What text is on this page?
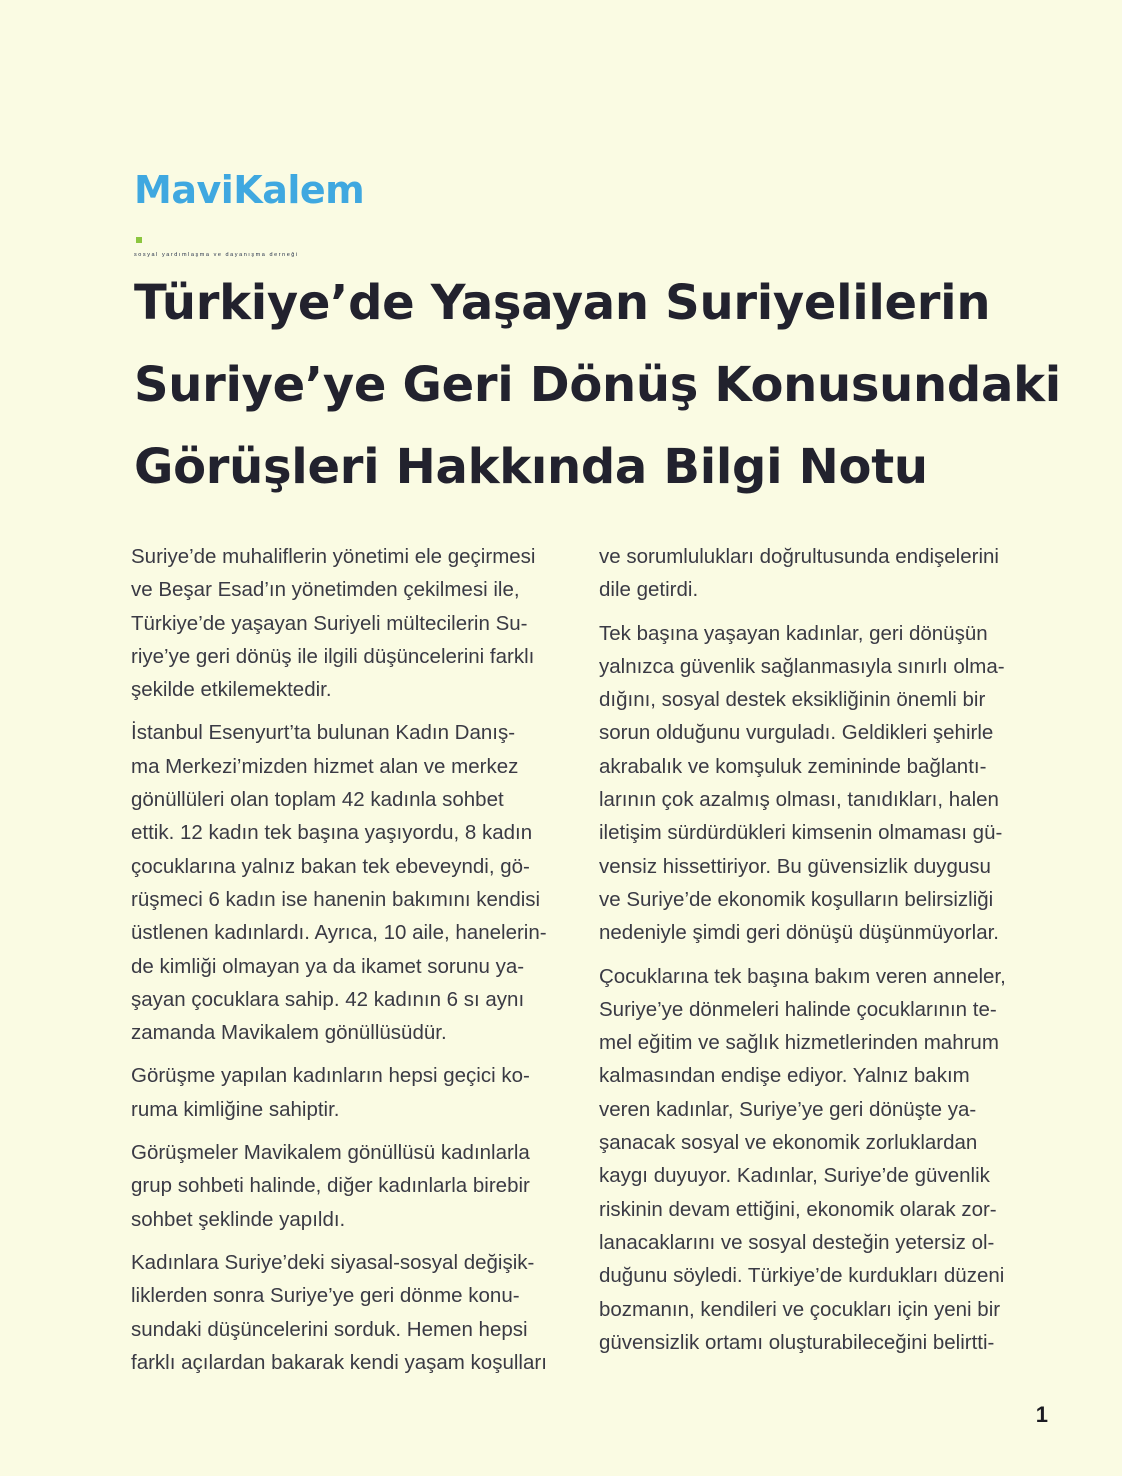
MaviKalem
sosyal yardımlaşma ve dayanışma derneği
Türkiye’de Yaşayan Suriyelilerin
Suriye’ye Geri Dönüş Konusundaki
Görüşleri Hakkında Bilgi Notu

Suriye’de muhaliflerin yönetimi ele geçirmesi
ve Beşar Esad’ın yönetimden çekilmesi ile,
Türkiye’de yaşayan Suriyeli mültecilerin Su-
riye’ye geri dönüş ile ilgili düşüncelerini farklı
şekilde etkilemektedir.

İstanbul Esenyurt’ta bulunan Kadın Danış-
ma Merkezi’mizden hizmet alan ve merkez
gönüllüleri olan toplam 42 kadınla sohbet
ettik. 12 kadın tek başına yaşıyordu, 8 kadın
çocuklarına yalnız bakan tek ebeveyndi, gö-
rüşmeci 6 kadın ise hanenin bakımını kendisi
üstlenen kadınlardı. Ayrıca, 10 aile, hanelerin-
de kimliği olmayan ya da ikamet sorunu ya-
şayan çocuklara sahip. 42 kadının 6 sı aynı
zamanda Mavikalem gönüllüsüdür.

Görüşme yapılan kadınların hepsi geçici ko-
ruma kimliğine sahiptir.

Görüşmeler Mavikalem gönüllüsü kadınlarla
grup sohbeti halinde, diğer kadınlarla birebir
sohbet şeklinde yapıldı.

Kadınlara Suriye’deki siyasal-sosyal değişik-
liklerden sonra Suriye’ye geri dönme konu-
sundaki düşüncelerini sorduk. Hemen hepsi
farklı açılardan bakarak kendi yaşam koşulları

ve sorumlulukları doğrultusunda endişelerini
dile getirdi.

Tek başına yaşayan kadınlar, geri dönüşün
yalnızca güvenlik sağlanmasıyla sınırlı olma-
dığını, sosyal destek eksikliğinin önemli bir
sorun olduğunu vurguladı. Geldikleri şehirle
akrabalık ve komşuluk zemininde bağlantı-
larının çok azalmış olması, tanıdıkları, halen
iletişim sürdürdükleri kimsenin olmaması gü-
vensiz hissettiriyor. Bu güvensizlik duygusu
ve Suriye’de ekonomik koşulların belirsizliği
nedeniyle şimdi geri dönüşü düşünmüyorlar.

Çocuklarına tek başına bakım veren anneler,
Suriye’ye dönmeleri halinde çocuklarının te-
mel eğitim ve sağlık hizmetlerinden mahrum
kalmasından endişe ediyor. Yalnız bakım
veren kadınlar, Suriye’ye geri dönüşte ya-
şanacak sosyal ve ekonomik zorluklardan
kaygı duyuyor. Kadınlar, Suriye’de güvenlik
riskinin devam ettiğini, ekonomik olarak zor-
lanacaklarını ve sosyal desteğin yetersiz ol-
duğunu söyledi. Türkiye’de kurdukları düzeni
bozmanın, kendileri ve çocukları için yeni bir
güvensizlik ortamı oluşturabileceğini belirtti-

1
